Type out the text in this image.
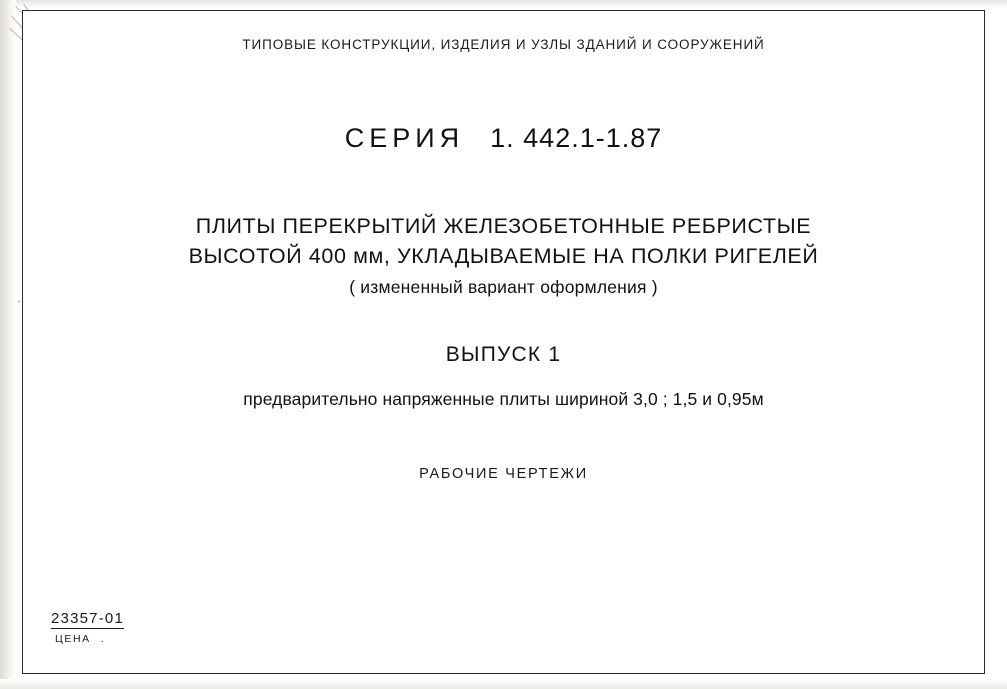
ТИПОВЫЕ КОНСТРУКЦИИ, ИЗДЕЛИЯ И УЗЛЫ ЗДАНИЙ И СООРУЖЕНИЙ
СЕРИЯ 1. 442.1-1.87
ПЛИТЫ ПЕРЕКРЫТИЙ ЖЕЛЕЗОБЕТОННЫЕ РЕБРИСТЫЕ
ВЫСОТОЙ 400 мм, УКЛАДЫВАЕМЫЕ НА ПОЛКИ РИГЕЛЕЙ
( измененный вариант оформления )
ВЫПУСК 1
предварительно напряженные плиты шириной 3,0 ; 1,5 и 0,95м
РАБОЧИЕ ЧЕРТЕЖИ
23357-01
ЦЕНА .
